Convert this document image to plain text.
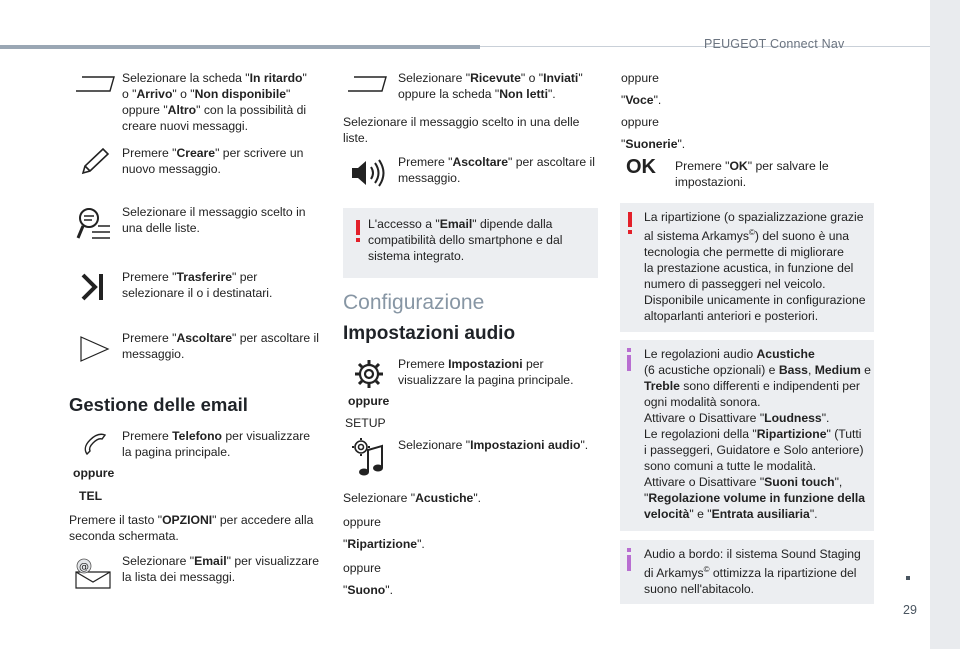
PEUGEOT Connect Nav
29
Selezionare la scheda "In ritardo"
o "Arrivo" o "Non disponibile"
oppure "Altro" con la possibilità di
creare nuovi messaggi.
Premere "Creare" per scrivere un
nuovo messaggio.
Selezionare il messaggio scelto in
una delle liste.
Premere "Trasferire" per
selezionare il o i destinatari.
Premere "Ascoltare" per ascoltare il
messaggio.
Gestione delle email
Premere Telefono per visualizzare
la pagina principale.
oppure
TEL
Premere il tasto "OPZIONI" per accedere alla
seconda schermata.
@	Selezionare "Email" per visualizzare
la lista dei messaggi.
Selezionare "Ricevute" o "Inviati"
oppure la scheda "Non letti".
Selezionare il messaggio scelto in una delle
liste.
Premere "Ascoltare" per ascoltare il
messaggio.
L'accesso a "Email" dipende dalla
compatibilità dello smartphone e dal
sistema integrato.
Configurazione
Impostazioni audio
oppure
SETUP
Premere Impostazioni per
visualizzare la pagina principale.
Selezionare "Impostazioni audio".
Selezionare "Acustiche".
oppure
"Ripartizione".
oppure
"Suono".
oppure
"Voce".
oppure
"Suonerie".
OK Premere "OK" per salvare le
impostazioni.
La ripartizione (o spazializzazione grazie
al sistema Arkamys©) del suono è una
tecnologia che permette di migliorare
la prestazione acustica, in funzione del
numero di passeggeri nel veicolo.
Disponibile unicamente in configurazione
altoparlanti anteriori e posteriori.
Le regolazioni audio Acustiche
(6 acustiche opzionali) e Bass, Medium e
Treble sono differenti e indipendenti per
ogni modalità sonora.
Attivare o Disattivare "Loudness".
Le regolazioni della "Ripartizione" (Tutti
i passeggeri, Guidatore e Solo anteriore)
sono comuni a tutte le modalità.
Attivare o Disattivare "Suoni touch",
"Regolazione volume in funzione della
velocità" e "Entrata ausiliaria".
Audio a bordo: il sistema Sound Staging
di Arkamys© ottimizza la ripartizione del
suono nell'abitacolo.
